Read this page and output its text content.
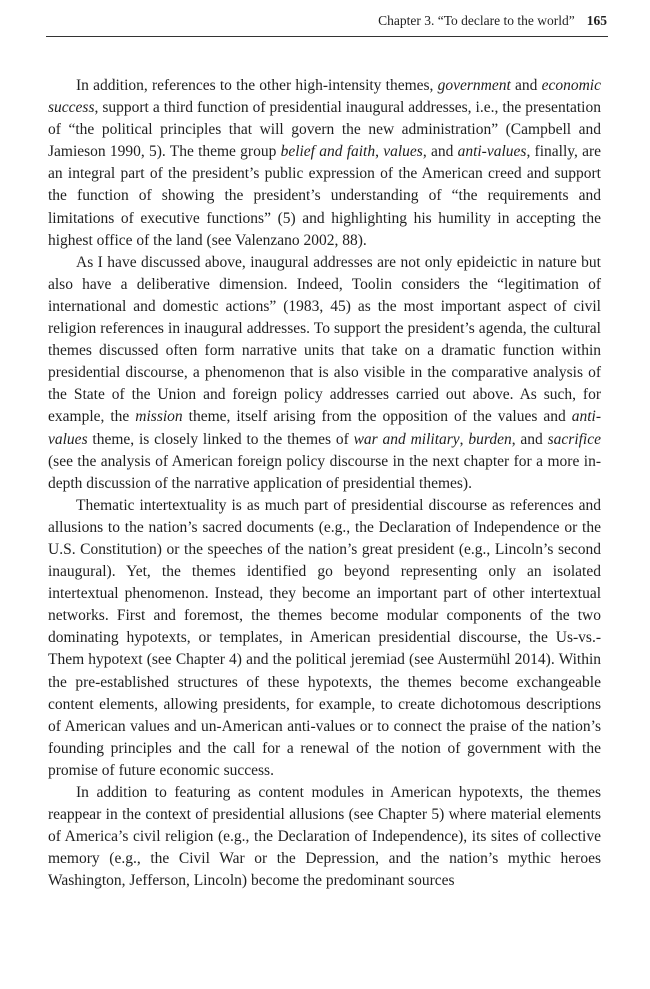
Chapter 3. “To declare to the world” 165

In addition, references to the other high-intensity themes, government and economic success, support a third function of presidential inaugural addresses, i.e., the presentation of “the political principles that will govern the new administration” (Campbell and Jamieson 1990, 5). The theme group belief and faith, values, and anti-values, finally, are an integral part of the president’s public expression of the American creed and support the function of showing the president’s understanding of “the requirements and limitations of executive functions” (5) and highlighting his humility in accepting the highest office of the land (see Valenzano 2002, 88).

As I have discussed above, inaugural addresses are not only epideictic in nature but also have a deliberative dimension. Indeed, Toolin considers the “legitimation of international and domestic actions” (1983, 45) as the most important aspect of civil religion references in inaugural addresses. To support the president’s agenda, the cultural themes discussed often form narrative units that take on a dramatic function within presidential discourse, a phenomenon that is also visible in the comparative analysis of the State of the Union and foreign policy addresses carried out above. As such, for example, the mission theme, itself arising from the opposition of the values and anti-values theme, is closely linked to the themes of war and military, burden, and sacrifice (see the analysis of American foreign policy discourse in the next chapter for a more in-depth discussion of the narrative application of presidential themes).

Thematic intertextuality is as much part of presidential discourse as references and allusions to the nation’s sacred documents (e.g., the Declaration of Independence or the U.S. Constitution) or the speeches of the nation’s great president (e.g., Lincoln’s second inaugural). Yet, the themes identified go beyond representing only an isolated intertextual phenomenon. Instead, they become an important part of other intertextual networks. First and foremost, the themes become modular components of the two dominating hypotexts, or templates, in American presidential discourse, the Us-vs.-Them hypotext (see Chapter 4) and the political jeremiad (see Austermühl 2014). Within the pre-established structures of these hypotexts, the themes become exchangeable content elements, allowing presidents, for example, to create dichotomous descriptions of American values and un-American anti-values or to connect the praise of the nation’s founding principles and the call for a renewal of the notion of government with the promise of future economic success.

In addition to featuring as content modules in American hypotexts, the themes reappear in the context of presidential allusions (see Chapter 5) where material elements of America’s civil religion (e.g., the Declaration of Independence), its sites of collective memory (e.g., the Civil War or the Depression, and the nation’s mythic heroes Washington, Jefferson, Lincoln) become the predominant sources
